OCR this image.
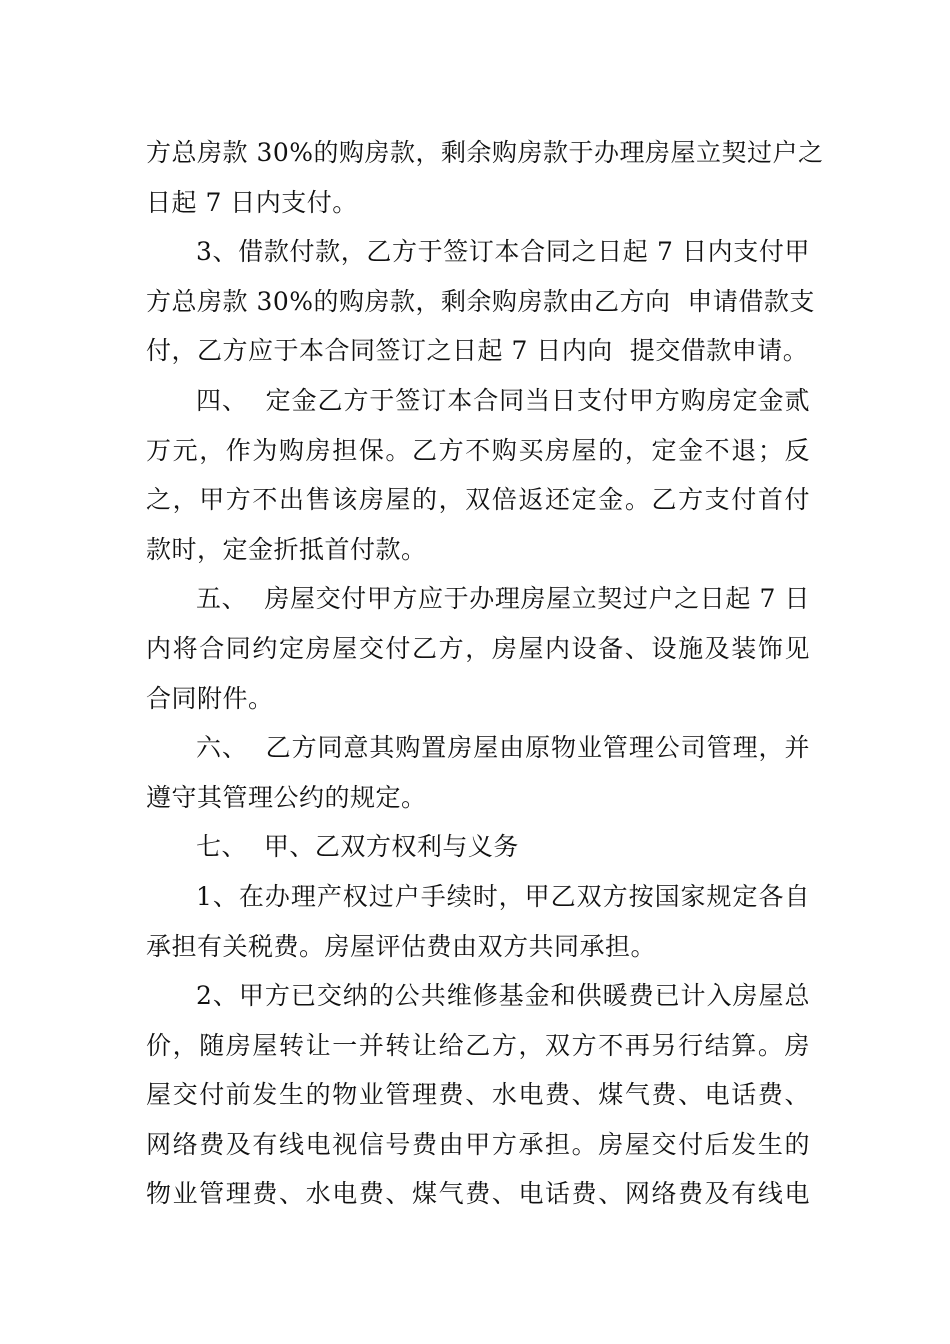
方总房款 30%的购房款，剩余购房款于办理房屋立契过户之
日起 7 日内支付。
3、借款付款，乙方于签订本合同之日起 7 日内支付甲
方总房款 30%的购房款，剩余购房款由乙方向  申请借款支
付，乙方应于本合同签订之日起 7 日内向  提交借款申请。
四、  定金乙方于签订本合同当日支付甲方购房定金贰
万元，作为购房担保。乙方不购买房屋的，定金不退；反
之，甲方不出售该房屋的，双倍返还定金。乙方支付首付
款时，定金折抵首付款。
五、  房屋交付甲方应于办理房屋立契过户之日起 7 日
内将合同约定房屋交付乙方，房屋内设备、设施及装饰见
合同附件。
六、  乙方同意其购置房屋由原物业管理公司管理，并
遵守其管理公约的规定。
七、  甲、乙双方权利与义务
1、在办理产权过户手续时，甲乙双方按国家规定各自
承担有关税费。房屋评估费由双方共同承担。
2、甲方已交纳的公共维修基金和供暖费已计入房屋总
价，随房屋转让一并转让给乙方，双方不再另行结算。房
屋交付前发生的物业管理费、水电费、煤气费、电话费、
网络费及有线电视信号费由甲方承担。房屋交付后发生的
物业管理费、水电费、煤气费、电话费、网络费及有线电
